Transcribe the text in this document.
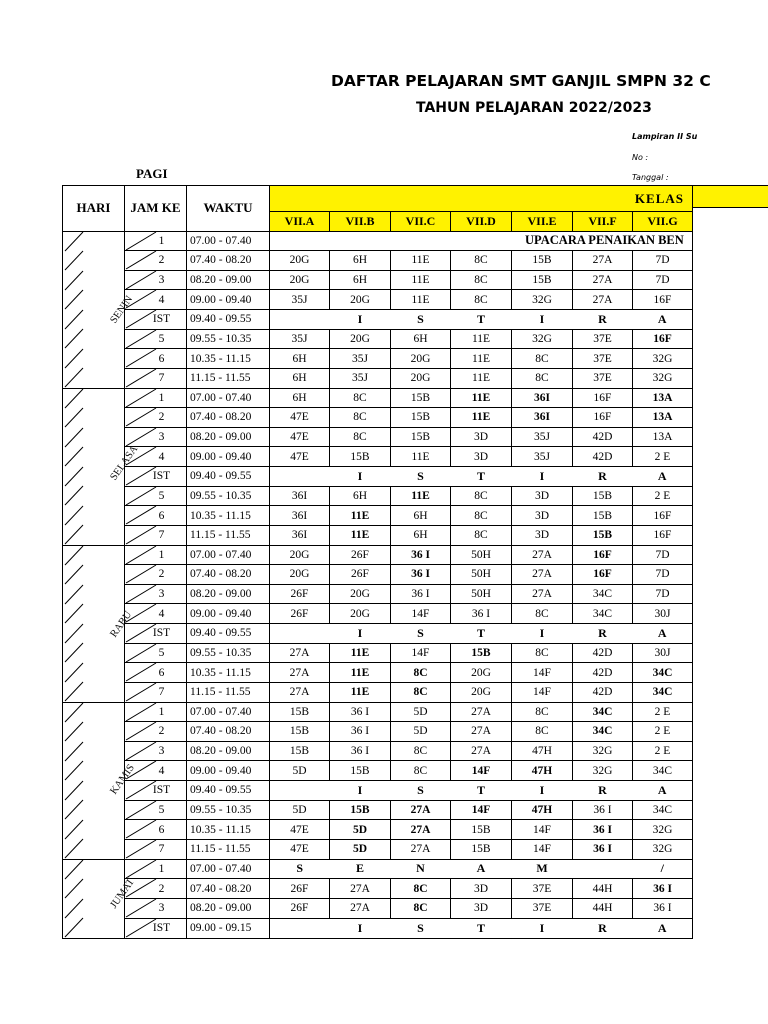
DAFTAR PELAJARAN SMT GANJIL SMPN 32 C
TAHUN PELAJARAN 2022/2023
Lampiran II Su
No :
Tanggal :
PAGI
HARI	JAM KE	WAKTU	KELAS						
			VII.A	VII.B	VII.C	VII.D	VII.E	VII.F	VII.G

SENIN	1	07.00 - 07.40	UPACARA PENAIKAN BEN						

2	07.40 - 08.20	20G	6H	11E	8C	15B	27A	7D

3	08.20 - 09.00	20G	6H	11E	8C	15B	27A	7D

4	09.00 - 09.40	35J	20G	11E	8C	32G	27A	16F

IST	09.40 - 09.55		I	S	T	I	R	A

5	09.55 - 10.35	35J	20G	6H	11E	32G	37E	16F

6	10.35 - 11.15	6H	35J	20G	11E	8C	37E	32G

7	11.15 - 11.55	6H	35J	20G	11E	8C	37E	32G

SELASA	1	07.00 - 07.40	6H	8C	15B	11E	36I	16F	13A

2	07.40 - 08.20	47E	8C	15B	11E	36I	16F	13A

3	08.20 - 09.00	47E	8C	15B	3D	35J	42D	13A

4	09.00 - 09.40	47E	15B	11E	3D	35J	42D	2 E

IST	09.40 - 09.55		I	S	T	I	R	A

5	09.55 - 10.35	36I	6H	11E	8C	3D	15B	2 E

6	10.35 - 11.15	36I	11E	6H	8C	3D	15B	16F

7	11.15 - 11.55	36I	11E	6H	8C	3D	15B	16F

RABU	1	07.00 - 07.40	20G	26F	36 I	50H	27A	16F	7D

2	07.40 - 08.20	20G	26F	36 I	50H	27A	16F	7D

3	08.20 - 09.00	26F	20G	36 I	50H	27A	34C	7D

4	09.00 - 09.40	26F	20G	14F	36 I	8C	34C	30J

IST	09.40 - 09.55		I	S	T	I	R	A

5	09.55 - 10.35	27A	11E	14F	15B	8C	42D	30J

6	10.35 - 11.15	27A	11E	8C	20G	14F	42D	34C

7	11.15 - 11.55	27A	11E	8C	20G	14F	42D	34C

KAMIS	1	07.00 - 07.40	15B	36 I	5D	27A	8C	34C	2 E

2	07.40 - 08.20	15B	36 I	5D	27A	8C	34C	2 E

3	08.20 - 09.00	15B	36 I	8C	27A	47H	32G	2 E

4	09.00 - 09.40	5D	15B	8C	14F	47H	32G	34C

IST	09.40 - 09.55		I	S	T	I	R	A

5	09.55 - 10.35	5D	15B	27A	14F	47H	36 I	34C

6	10.35 - 11.15	47E	5D	27A	15B	14F	36 I	32G

7	11.15 - 11.55	47E	5D	27A	15B	14F	36 I	32G

JUMAT	1	07.00 - 07.40	S	E	N	A	M		/

2	07.40 - 08.20	26F	27A	8C	3D	37E	44H	36 I

3	08.20 - 09.00	26F	27A	8C	3D	37E	44H	36 I

IST	09.00 - 09.15		I	S	T	I	R	A
